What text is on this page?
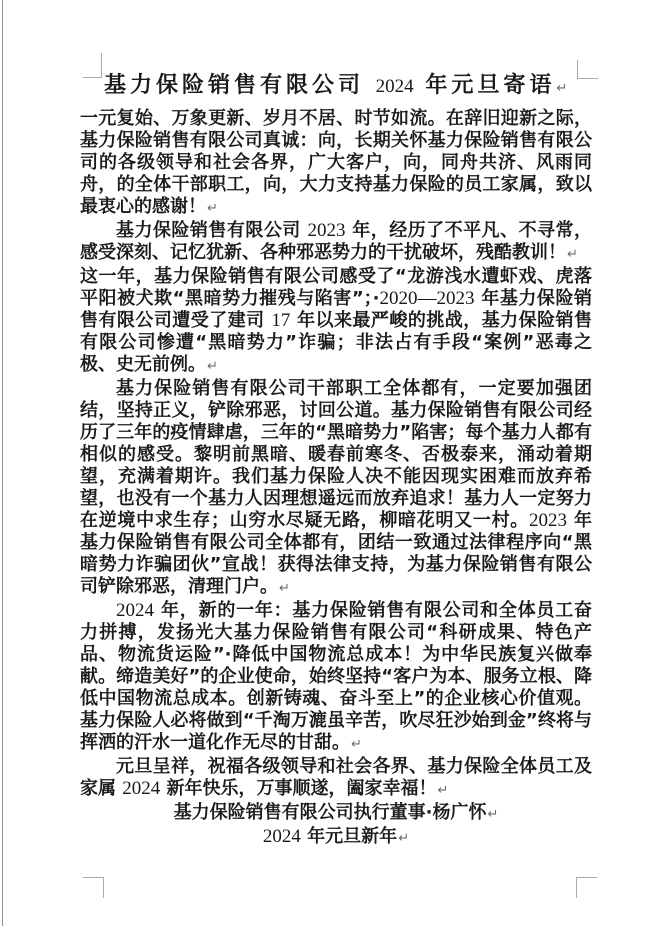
基力保险销售有限公司 2024 年元旦寄语↵

一元复始、万象更新、岁月不居、时节如流。在辞旧迎新之际，基力保险销售有限公司真诚：向，长期关怀基力保险销售有限公司的各级领导和社会各界，广大客户，向，同舟共济、风雨同舟，的全体干部职工，向，大力支持基力保险的员工家属，致以最衷心的感谢！↵

基力保险销售有限公司 2023 年，经历了不平凡、不寻常，感受深刻、记忆犹新、各种邪恶势力的干扰破坏，残酷教训！↵

这一年，基力保险销售有限公司感受了“龙游浅水遭虾戏、虎落平阳被犬欺“黑暗势力摧残与陷害”；·2020—2023 年基力保险销售有限公司遭受了建司 17 年以来最严峻的挑战，基力保险销售有限公司惨遭“黑暗势力”诈骗；非法占有手段“案例”恶毒之极、史无前例。↵

基力保险销售有限公司干部职工全体都有，一定要加强团结，坚持正义，铲除邪恶，讨回公道。基力保险销售有限公司经历了三年的疫情肆虐，三年的“黑暗势力”陷害；每个基力人都有相似的感受。黎明前黑暗、暖春前寒冬、否极泰来，涌动着期望，充满着期许。我们基力保险人决不能因现实困难而放弃希望，也没有一个基力人因理想遥远而放弃追求！基力人一定努力在逆境中求生存；山穷水尽疑无路，柳暗花明又一村。2023 年基力保险销售有限公司全体都有，团结一致通过法律程序向“黑暗势力诈骗团伙”宣战！获得法律支持，为基力保险销售有限公司铲除邪恶，清理门户。↵

2024 年，新的一年：基力保险销售有限公司和全体员工奋力拼搏，发扬光大基力保险销售有限公司“科研成果、特色产品、物流货运险”·降低中国物流总成本！为中华民族复兴做奉献。缔造美好”的企业使命，始终坚持“客户为本、服务立根、降低中国物流总成本。创新铸魂、奋斗至上”的企业核心价值观。基力保险人必将做到“千淘万漉虽辛苦，吹尽狂沙始到金”终将与挥洒的汗水一道化作无尽的甘甜。↵

元旦呈祥，祝福各级领导和社会各界、基力保险全体员工及家属 2024 新年快乐，万事顺遂，阖家幸福！↵

基力保险销售有限公司执行董事·杨广怀↵

2024 年元旦新年↵
